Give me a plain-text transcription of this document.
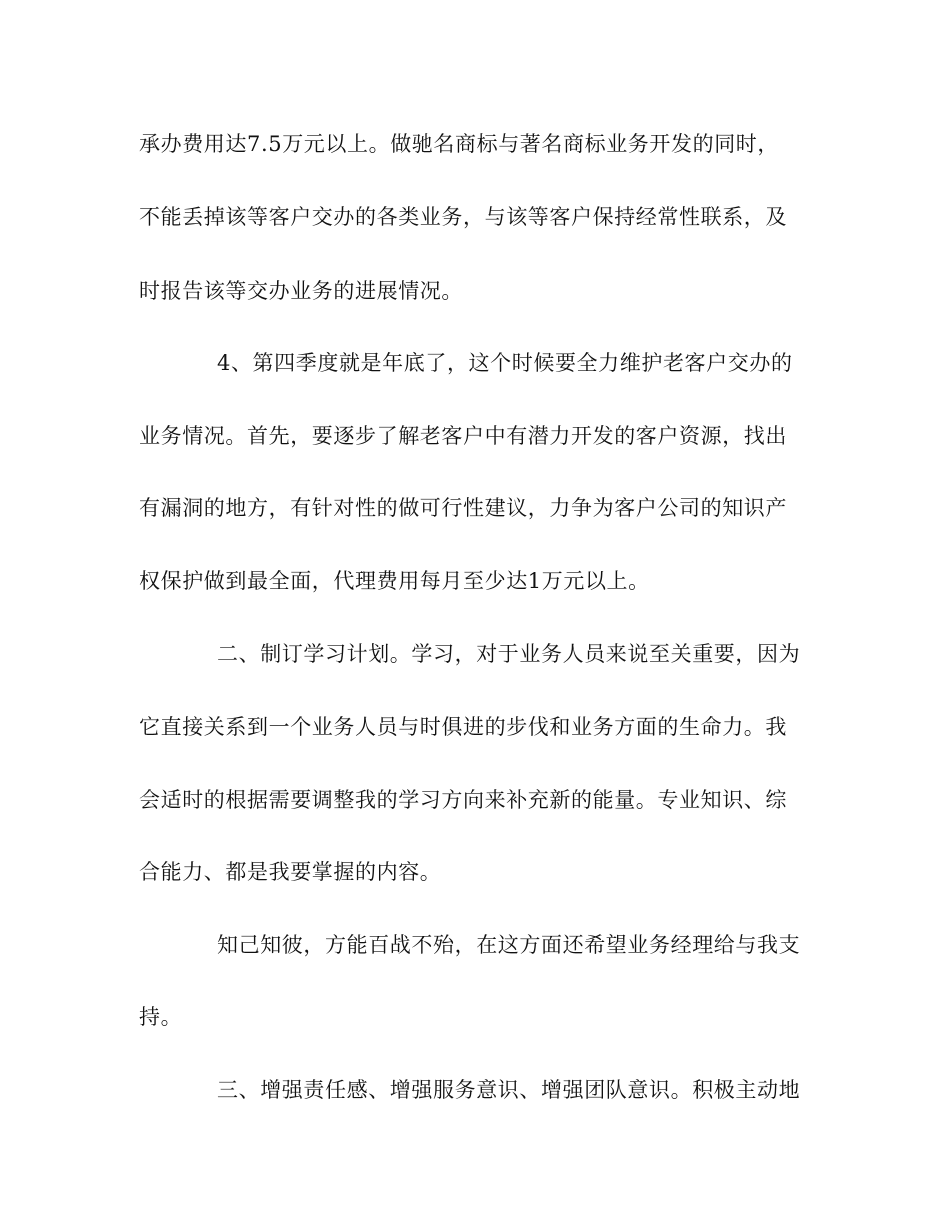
承办费用达7.5万元以上。做驰名商标与著名商标业务开发的同时，
不能丢掉该等客户交办的各类业务，与该等客户保持经常性联系，及
时报告该等交办业务的进展情况。
4、第四季度就是年底了，这个时候要全力维护老客户交办的
业务情况。首先，要逐步了解老客户中有潜力开发的客户资源，找出
有漏洞的地方，有针对性的做可行性建议，力争为客户公司的知识产
权保护做到最全面，代理费用每月至少达1万元以上。
二、制订学习计划。学习，对于业务人员来说至关重要，因为
它直接关系到一个业务人员与时俱进的步伐和业务方面的生命力。我
会适时的根据需要调整我的学习方向来补充新的能量。专业知识、综
合能力、都是我要掌握的内容。
知己知彼，方能百战不殆，在这方面还希望业务经理给与我支
持。
三、增强责任感、增强服务意识、增强团队意识。积极主动地
